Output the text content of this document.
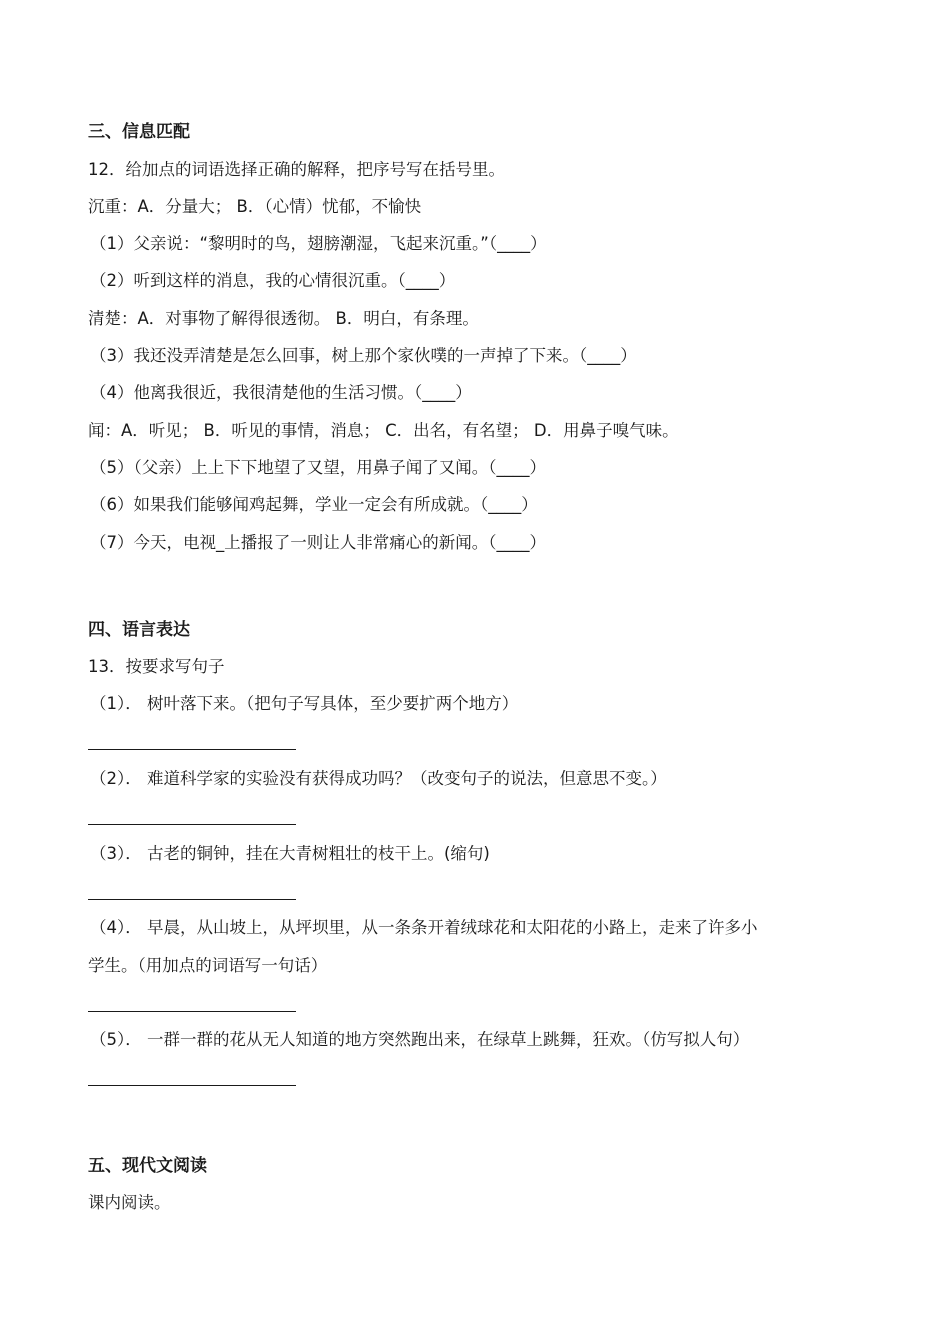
三、信息匹配
12．给加点的词语选择正确的解释，把序号写在括号里。
沉重：A．分量大； B．（心情）忧郁，不愉快
（1）父亲说：“黎明时的鸟，翅膀潮湿，飞起来沉重。”（____）
（2）听到这样的消息，我的心情很沉重。（____）
清楚：A．对事物了解得很透彻。 B．明白，有条理。
（3）我还没弄清楚是怎么回事，树上那个家伙噗的一声掉了下来。（____）
（4）他离我很近，我很清楚他的生活习惯。（____）
闻：A．听见； B．听见的事情，消息； C．出名，有名望； D．用鼻子嗅气味。
（5）（父亲）上上下下地望了又望，用鼻子闻了又闻。（____）
（6）如果我们能够闻鸡起舞，学业一定会有所成就。（____）
（7）今天，电视_上播报了一则让人非常痛心的新闻。（____）
四、语言表达
13．按要求写句子
（1）． 树叶落下来。（把句子写具体，至少要扩两个地方）
（2）． 难道科学家的实验没有获得成功吗？（改变句子的说法，但意思不变。）
（3）． 古老的铜钟，挂在大青树粗壮的枝干上。(缩句)
（4）． 早晨，从山坡上，从坪坝里，从一条条开着绒球花和太阳花的小路上，走来了许多小
学生。（用加点的词语写一句话）
（5）． 一群一群的花从无人知道的地方突然跑出来，在绿草上跳舞，狂欢。（仿写拟人句）
五、现代文阅读
课内阅读。
